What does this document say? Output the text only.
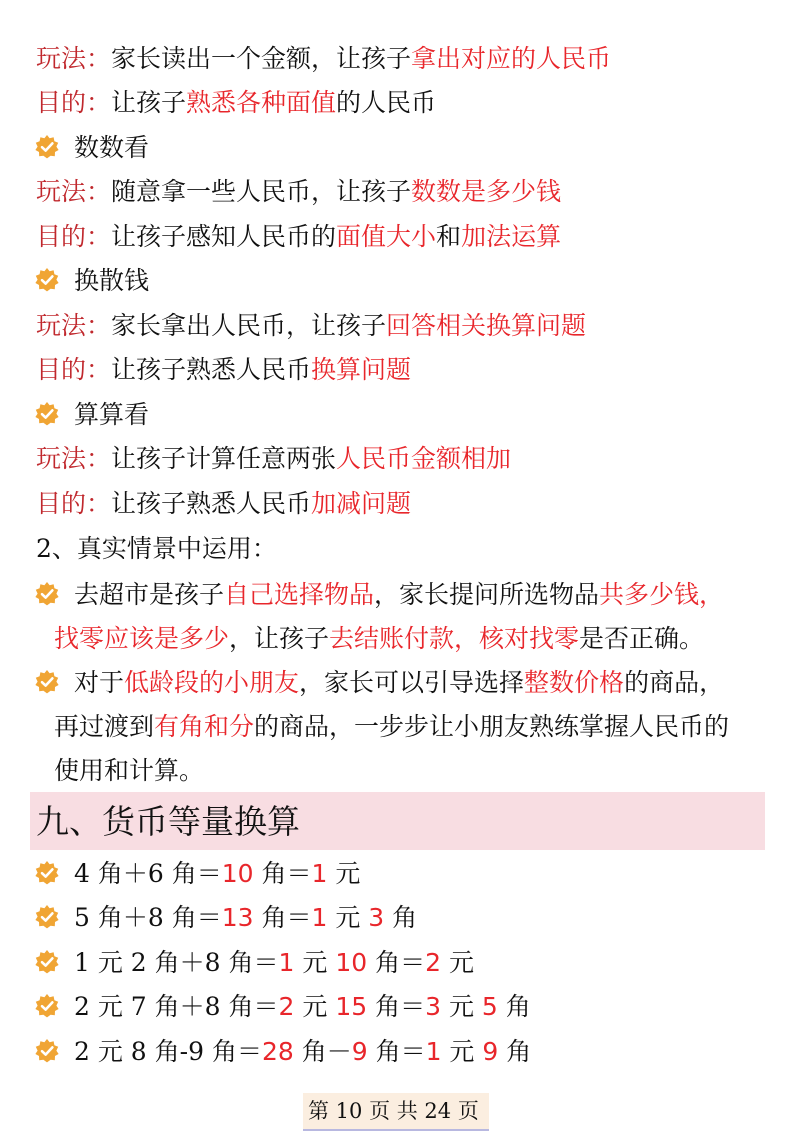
玩法：家长读出一个金额，让孩子拿出对应的人民币
目的：让孩子熟悉各种面值的人民币
数数看
玩法：随意拿一些人民币，让孩子数数是多少钱
目的：让孩子感知人民币的面值大小和加法运算
换散钱
玩法：家长拿出人民币，让孩子回答相关换算问题
目的：让孩子熟悉人民币换算问题
算算看
玩法：让孩子计算任意两张人民币金额相加
目的：让孩子熟悉人民币加减问题
2、真实情景中运用：
去超市是孩子自己选择物品，家长提问所选物品共多少钱，
找零应该是多少，让孩子去结账付款，核对找零是否正确。
对于低龄段的小朋友，家长可以引导选择整数价格的商品，
再过渡到有角和分的商品，一步步让小朋友熟练掌握人民币的
使用和计算。
九、货币等量换算
4 角＋6 角＝10 角＝1 元
5 角＋8 角＝13 角＝1 元 3 角
1 元 2 角＋8 角＝1 元 10 角＝2 元
2 元 7 角＋8 角＝2 元 15 角＝3 元 5 角
2 元 8 角-9 角＝28 角－9 角＝1 元 9 角
第 10 页 共 24 页
